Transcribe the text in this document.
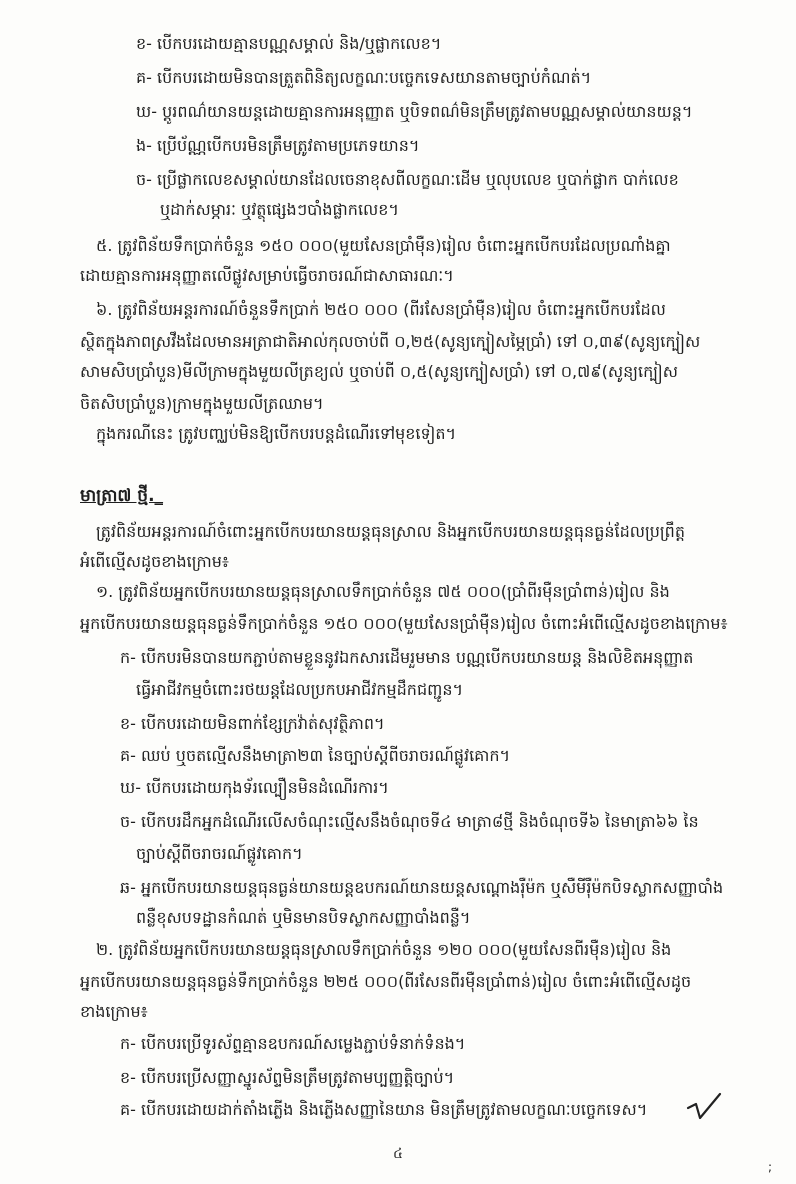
ខ- បើកបរដោយគ្មានបណ្ណសម្គាល់ និង/ឬផ្លាកលេខ។
គ- បើកបរដោយមិនបានត្រួតពិនិត្យលក្ខណៈបច្ចេកទេសយានតាមច្បាប់កំណត់។
ឃ- ប្តូរពណ៌យានយន្តដោយគ្មានការអនុញ្ញាត ឬបិទពណ៌មិនត្រឹមត្រូវតាមបណ្ណសម្គាល់យានយន្ត។
ង- ប្រើប័ណ្ណបើកបរមិនត្រឹមត្រូវតាមប្រភេទយាន។
ច- ប្រើផ្លាកលេខសម្គាល់យានដែលចេនាខុសពីលក្ខណៈដើម ឬលុបលេខ ឬបាក់ផ្លាក បាក់លេខ
ឬដាក់សម្ភារៈ ឬវត្ថុផ្សេងៗបាំងផ្លាកលេខ។
៥. ត្រូវពិន័យទឹកប្រាក់ចំនួន ១៥០ ០០០(មួយសែនប្រាំម៉ឺន)រៀល ចំពោះអ្នកបើកបរដែលប្រណាំងគ្នា
ដោយគ្មានការអនុញ្ញាតលើផ្លូវសម្រាប់ធ្វើចរាចរណ៍ជាសាធារណៈ។
៦. ត្រូវពិន័យអន្តរការណ៍ចំនួនទឹកប្រាក់ ២៥០ ០០០ (ពីរសែនប្រាំម៉ឺន)រៀល ចំពោះអ្នកបើកបរដែល
ស្ថិតក្នុងភាពស្រវឹងដែលមានអត្រាជាតិអាល់កុលចាប់ពី ០,២៥(សូន្យក្បៀសម្ភៃប្រាំ) ទៅ ០,៣៩(សូន្យក្បៀស
សាមសិបប្រាំបួន)មីលីក្រាមក្នុងមួយលីត្រខ្យល់ ឬចាប់ពី ០,៥(សូន្យក្បៀសប្រាំ) ទៅ ០,៧៩(សូន្យក្បៀស
ចិតសិបប្រាំបួន)ក្រាមក្នុងមួយលីត្រឈាម។
ក្នុងករណីនេះ ត្រូវបញ្ឈប់មិនឱ្យបើកបរបន្តដំណើរទៅមុខទៀត។
មាត្រា៧ ថ្មី._
ត្រូវពិន័យអន្តរការណ៍ចំពោះអ្នកបើកបរយានយន្តធុនស្រាល និងអ្នកបើកបរយានយន្តធុនធ្ងន់ដែលប្រព្រឹត្ត
អំពើល្មើសដូចខាងក្រោម៖
១. ត្រូវពិន័យអ្នកបើកបរយានយន្តធុនស្រាលទឹកប្រាក់ចំនួន ៧៥ ០០០(ប្រាំពីរម៉ឺនប្រាំពាន់)រៀល និង
អ្នកបើកបរយានយន្តធុនធ្ងន់ទឹកប្រាក់ចំនួន ១៥០ ០០០(មួយសែនប្រាំម៉ឺន)រៀល ចំពោះអំពើល្មើសដូចខាងក្រោម៖
ក- បើកបរមិនបានយកភ្ជាប់តាមខ្លួននូវឯកសារដើមរួមមាន បណ្ណបើកបរយានយន្ត និងលិខិតអនុញ្ញាត
ធ្វើអាជីវកម្មចំពោះរថយន្តដែលប្រកបអាជីវកម្មដឹកជញ្ជូន។
ខ- បើកបរដោយមិនពាក់ខ្សែក្រវ៉ាត់សុវត្ថិភាព។
គ- ឈប់ ឬចតល្មើសនឹងមាត្រា២៣ នៃច្បាប់ស្តីពីចរាចរណ៍ផ្លូវគោក។
ឃ- បើកបរដោយកុងទ័រល្បឿនមិនដំណើរការ។
ច- បើកបរដឹកអ្នកដំណើរលើសចំណុះល្មើសនឹងចំណុចទី៤ មាត្រា៨ថ្មី និងចំណុចទី៦ នៃមាត្រា៦៦ នៃ
ច្បាប់ស្តីពីចរាចរណ៍ផ្លូវគោក។
ឆ- អ្នកបើកបរយានយន្តធុនធ្ងន់យានយន្តឧបករណ៍យានយន្តសណ្តោងរ៉ឺម៉ក ឬសឺមីរ៉ឺម៉កបិទស្លាកសញ្ញាបាំង
ពន្លឺខុសបទដ្ឋានកំណត់ ឬមិនមានបិទស្លាកសញ្ញាបាំងពន្លឺ។
២. ត្រូវពិន័យអ្នកបើកបរយានយន្តធុនស្រាលទឹកប្រាក់ចំនួន ១២០ ០០០(មួយសែនពីរម៉ឺន)រៀល និង
អ្នកបើកបរយានយន្តធុនធ្ងន់ទឹកប្រាក់ចំនួន ២២៥ ០០០(ពីរសែនពីរម៉ឺនប្រាំពាន់)រៀល ចំពោះអំពើល្មើសដូច
ខាងក្រោម៖
ក- បើកបរប្រើទូរស័ព្ទគ្មានឧបករណ៍សម្លេងភ្ជាប់ទំនាក់ទំនង។
ខ- បើកបរប្រើសញ្ញាស្នូរស័ព្ទមិនត្រឹមត្រូវតាមប្បញ្ញត្តិច្បាប់។
គ- បើកបរដោយដាក់តាំងភ្លើង និងភ្លើងសញ្ញានៃយាន មិនត្រឹមត្រូវតាមលក្ខណៈបច្ចេកទេស។
៤
;
